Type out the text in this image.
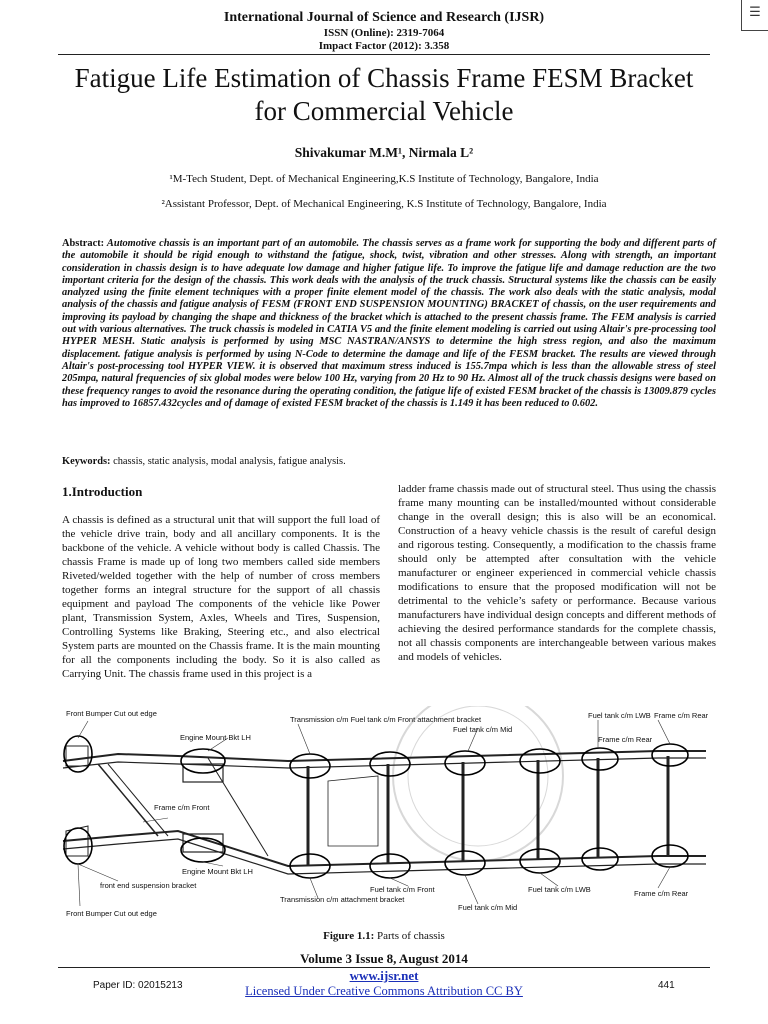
☰
International Journal of Science and Research (IJSR)
ISSN (Online): 2319-7064
Impact Factor (2012): 3.358
Fatigue Life Estimation of Chassis Frame FESM Bracket for Commercial Vehicle
Shivakumar M.M¹, Nirmala L²
¹M-Tech Student, Dept. of Mechanical Engineering,K.S Institute of Technology, Bangalore, India
²Assistant Professor, Dept. of Mechanical Engineering, K.S Institute of Technology, Bangalore, India
Abstract: Automotive chassis is an important part of an automobile. The chassis serves as a frame work for supporting the body and different parts of the automobile it should be rigid enough to withstand the fatigue, shock, twist, vibration and other stresses. Along with strength, an important consideration in chassis design is to have adequate low damage and higher fatigue life. To improve the fatigue life and damage reduction are the two important criteria for the design of the chassis. This work deals with the analysis of the truck chassis. Structural systems like the chassis can be easily analyzed using the finite element techniques with a proper finite element model of the chassis. The work also deals with the static analysis, modal analysis of the chassis and fatigue analysis of FESM (FRONT END SUSPENSION MOUNTING) BRACKET of chassis, on the user requirements and improving its payload by changing the shape and thickness of the bracket which is attached to the present chassis frame. The FEM analysis is carried out with various alternatives. The truck chassis is modeled in CATIA V5 and the finite element modeling is carried out using Altair's pre-processing tool HYPER MESH. Static analysis is performed by using MSC NASTRAN/ANSYS to determine the high stress region, and also the maximum displacement. fatigue analysis is performed by using N-Code to determine the damage and life of the FESM bracket. The results are viewed through Altair's post-processing tool HYPER VIEW. it is observed that maximum stress induced is 155.7mpa which is less than the allowable stress of steel 205mpa, natural frequencies of six global modes were below 100 Hz, varying from 20 Hz to 90 Hz. Almost all of the truck chassis designs were based on these frequency ranges to avoid the resonance during the operating condition, the fatigue life of existed FESM bracket of the chassis is 13009.879 cycles has improved to 16857.432cycles and of damage of existed FESM bracket of the chassis is 1.149 it has been reduced to 0.602.
Keywords: chassis, static analysis, modal analysis, fatigue analysis.
1.Introduction
A chassis is defined as a structural unit that will support the full load of the vehicle drive train, body and all ancillary components. It is the backbone of the vehicle. A vehicle without body is called Chassis. The chassis Frame is made up of long two members called side members Riveted/welded together with the help of number of cross members together forms an integral structure for the support of all chassis equipment and payload The components of the vehicle like Power plant, Transmission System, Axles, Wheels and Tires, Suspension, Controlling Systems like Braking, Steering etc., and also electrical System parts are mounted on the Chassis frame. It is the main mounting for all the components including the body. So it is also called as Carrying Unit. The chassis frame used in this project is a
ladder frame chassis made out of structural steel. Thus using the chassis frame many mounting can be installed/mounted without considerable change in the overall design; this is also will be an economical. Construction of a heavy vehicle chassis is the result of careful design and rigorous testing. Consequently, a modification to the chassis frame should only be attempted after consultation with the vehicle manufacturer or engineer experienced in commercial vehicle chassis modifications to ensure that the proposed modification will not be detrimental to the vehicle’s safety or performance. Because various manufacturers have individual design concepts and different methods of achieving the desired performance standards for the complete chassis, not all chassis components are interchangeable between various makes and models of vehicles.
Front Bumper Cut out edge
Engine Mount Bkt LH
Transmission c/m Fuel tank c/m Front attachment bracket	Fuel tank c/m LWB Frame c/m Rear
Fuel tank c/m Mid
Frame c/m Rear
Frame c/m Front
front end suspension bracket
Engine Mount Bkt LH
Fuel tank c/m Front	Fuel tank c/m LWB	Frame c/m Rear
Front Bumper Cut out edge
Transmission c/m attachment bracket
Fuel tank c/m Mid
Figure 1.1: Parts of chassis
Volume 3 Issue 8, August 2014
www.ijsr.net
Paper ID: 02015213	441
Licensed Under Creative Commons Attribution CC BY
